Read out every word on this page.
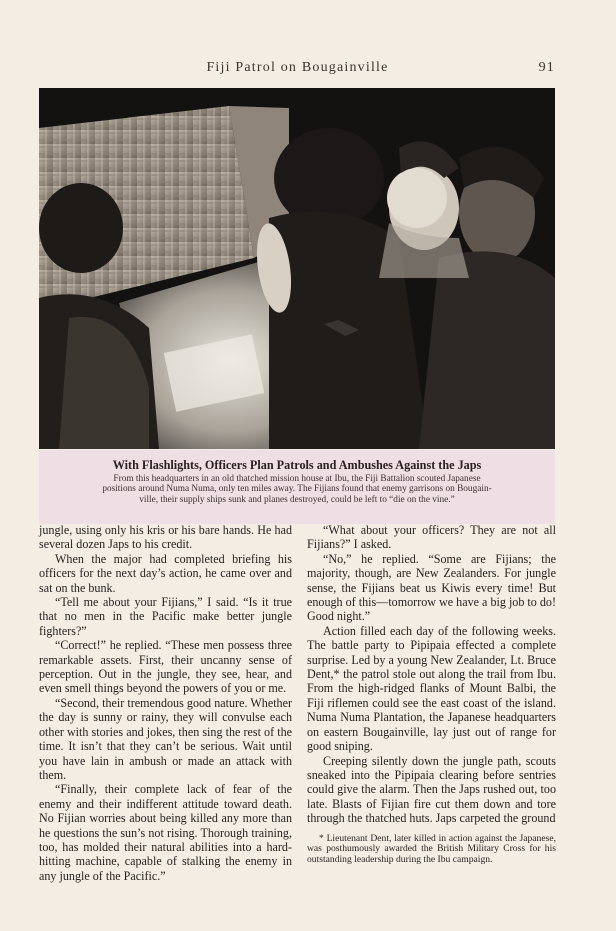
Fiji Patrol on Bougainville	91
With Flashlights, Officers Plan Patrols and Ambushes Against the Japs
From this headquarters in an old thatched mission house at Ibu, the Fiji Battalion scouted Japanese
positions around Numa Numa, only ten miles away. The Fijians found that enemy garrisons on Bougain-
ville, their supply ships sunk and planes destroyed, could be left to “die on the vine.”

jungle, using only his kris or his bare hands. He had several dozen Japs to his credit.

When the major had completed briefing his officers for the next day’s action, he came over and sat on the bunk.

“Tell me about your Fijians,” I said. “Is it true that no men in the Pacific make better jungle fighters?”

“Correct!” he replied. “These men possess three remarkable assets. First, their uncanny sense of perception. Out in the jungle, they see, hear, and even smell things beyond the powers of you or me.

“Second, their tremendous good nature. Whether the day is sunny or rainy, they will convulse each other with stories and jokes, then sing the rest of the time. It isn’t that they can’t be serious. Wait until you have lain in ambush or made an attack with them.

“Finally, their complete lack of fear of the enemy and their indifferent attitude toward death. No Fijian worries about being killed any more than he questions the sun’s not rising. Thorough training, too, has molded their natural abilities into a hard-hitting machine, capable of stalking the enemy in any jungle of the Pacific.”

“What about your officers? They are not all Fijians?” I asked.

“No,” he replied. “Some are Fijians; the majority, though, are New Zealanders. For jungle sense, the Fijians beat us Kiwis every time! But enough of this—tomorrow we have a big job to do! Good night.”

Action filled each day of the following weeks. The battle party to Pipipaia effected a complete surprise. Led by a young New Zealander, Lt. Bruce Dent,* the patrol stole out along the trail from Ibu. From the high-ridged flanks of Mount Balbi, the Fiji riflemen could see the east coast of the island. Numa Numa Plantation, the Japanese headquarters on eastern Bougainville, lay just out of range for good sniping.

Creeping silently down the jungle path, scouts sneaked into the Pipipaia clearing before sentries could give the alarm. Then the Japs rushed out, too late. Blasts of Fijian fire cut them down and tore through the thatched huts. Japs carpeted the ground

* Lieutenant Dent, later killed in action against the Japanese, was posthumously awarded the British Military Cross for his outstanding leadership during the Ibu campaign.
